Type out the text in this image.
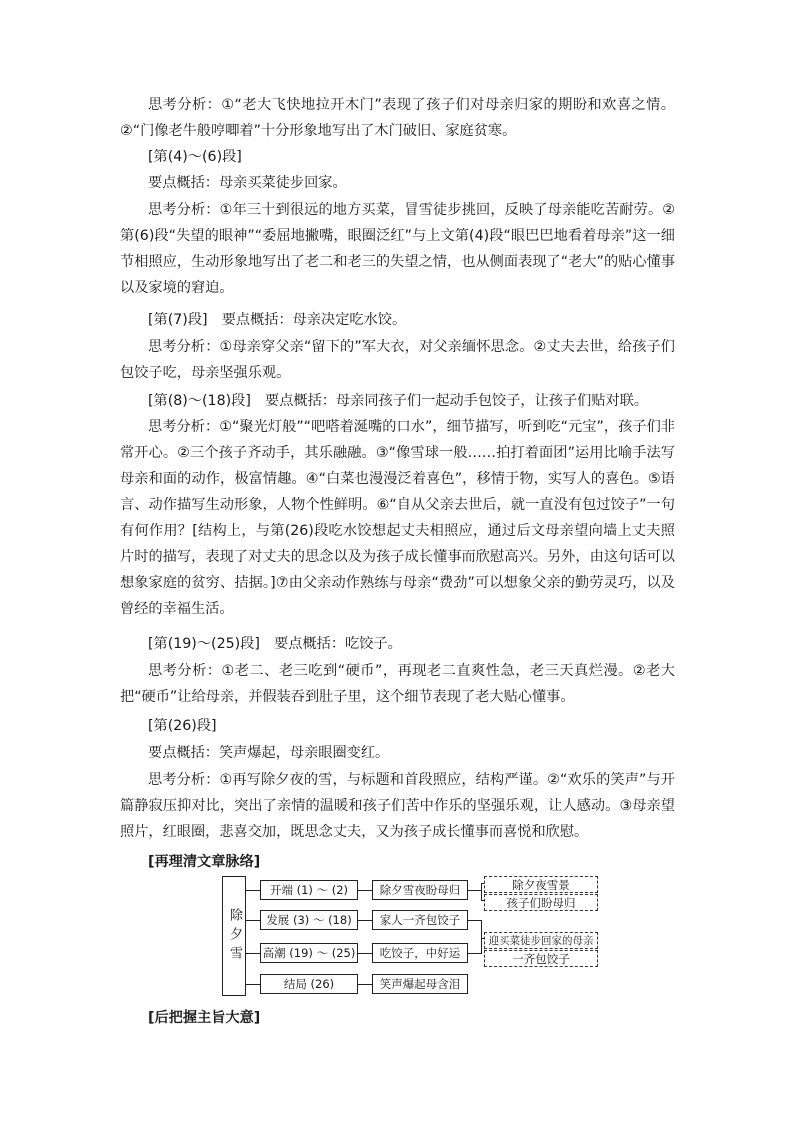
思考分析：①“老大飞快地拉开木门”表现了孩子们对母亲归家的期盼和欢喜之情。②“门像老牛般哼唧着”十分形象地写出了木门破旧、家庭贫寒。

[第(4)～(6)段]

要点概括：母亲买菜徒步回家。

思考分析：①年三十到很远的地方买菜，冒雪徒步挑回，反映了母亲能吃苦耐劳。②第(6)段“失望的眼神”“委屈地撇嘴，眼圈泛红”与上文第(4)段“眼巴巴地看着母亲”这一细节相照应，生动形象地写出了老二和老三的失望之情，也从侧面表现了“老大”的贴心懂事以及家境的窘迫。

[第(7)段]　要点概括：母亲决定吃水饺。

思考分析：①母亲穿父亲“留下的”军大衣，对父亲缅怀思念。②丈夫去世，给孩子们包饺子吃，母亲坚强乐观。

[第(8)～(18)段]　要点概括：母亲同孩子们一起动手包饺子，让孩子们贴对联。

思考分析：①“聚光灯般”“吧嗒着涎嘴的口水”，细节描写，听到吃“元宝”，孩子们非常开心。②三个孩子齐动手，其乐融融。③“像雪球一般……拍打着面团”运用比喻手法写母亲和面的动作，极富情趣。④“白菜也漫漫泛着喜色”，移情于物，实写人的喜色。⑤语言、动作描写生动形象，人物个性鲜明。⑥“自从父亲去世后，就一直没有包过饺子”一句有何作用？[结构上，与第(26)段吃水饺想起丈夫相照应，通过后文母亲望向墙上丈夫照片时的描写，表现了对丈夫的思念以及为孩子成长懂事而欣慰高兴。另外，由这句话可以想象家庭的贫穷、拮据。]⑦由父亲动作熟练与母亲“费劲”可以想象父亲的勤劳灵巧，以及曾经的幸福生活。

[第(19)～(25)段]　要点概括：吃饺子。

思考分析：①老二、老三吃到“硬币”，再现老二直爽性急，老三天真烂漫。②老大把“硬币”让给母亲，并假装吞到肚子里，这个细节表现了老大贴心懂事。

[第(26)段]

要点概括：笑声爆起，母亲眼圈变红。

思考分析：①再写除夕夜的雪，与标题和首段照应，结构严谨。②“欢乐的笑声”与开篇静寂压抑对比，突出了亲情的温暖和孩子们苦中作乐的坚强乐观，让人感动。③母亲望照片，红眼圈，悲喜交加，既思念丈夫，又为孩子成长懂事而喜悦和欣慰。

[再理清文章脉络]

除夕雪
开端 (1) ～ (2)
发展 (3) ～ (18)
高潮 (19) ～ (25)
结局 (26)
除夕雪夜盼母归
家人一齐包饺子
吃饺子，中好运
笑声爆起母含泪
除夕夜雪景
孩子们盼母归
迎买菜徒步回家的母亲
一齐包饺子

[后把握主旨大意]
